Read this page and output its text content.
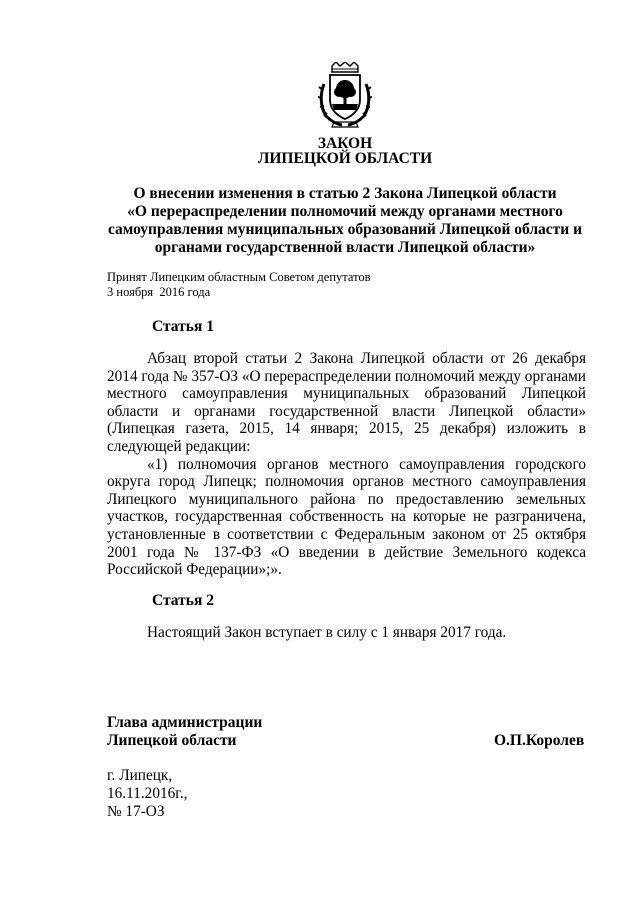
ЗАКОН
ЛИПЕЦКОЙ ОБЛАСТИ
О внесении изменения в статью 2 Закона Липецкой области
«О перераспределении полномочий между органами местного
самоуправления муниципальных образований Липецкой области и
органами государственной власти Липецкой области»
Принят Липецким областным Советом депутатов
3 ноября  2016 года
Статья 1

Абзац второй статьи 2 Закона Липецкой области от 26 декабря 2014 года № 357-ОЗ «О перераспределении полномочий между органами местного самоуправления муниципальных образований Липецкой области и органами государственной власти Липецкой области» (Липецкая газета, 2015, 14 января; 2015, 25 декабря) изложить в следующей редакции:

«1) полномочия органов местного самоуправления городского округа город Липецк; полномочия органов местного самоуправления Липецкого муниципального района по предоставлению земельных участков, государственная собственность на которые не разграничена, установленные в соответствии с Федеральным законом от 25 октября 2001 года № 137-ФЗ «О введении в действие Земельного кодекса Российской Федерации»;».

Статья 2

Настоящий Закон вступает в силу с 1 января 2017 года.

Глава администрации
Липецкой области	О.П.Королев
г. Липецк,
16.11.2016г.,
№ 17-ОЗ
